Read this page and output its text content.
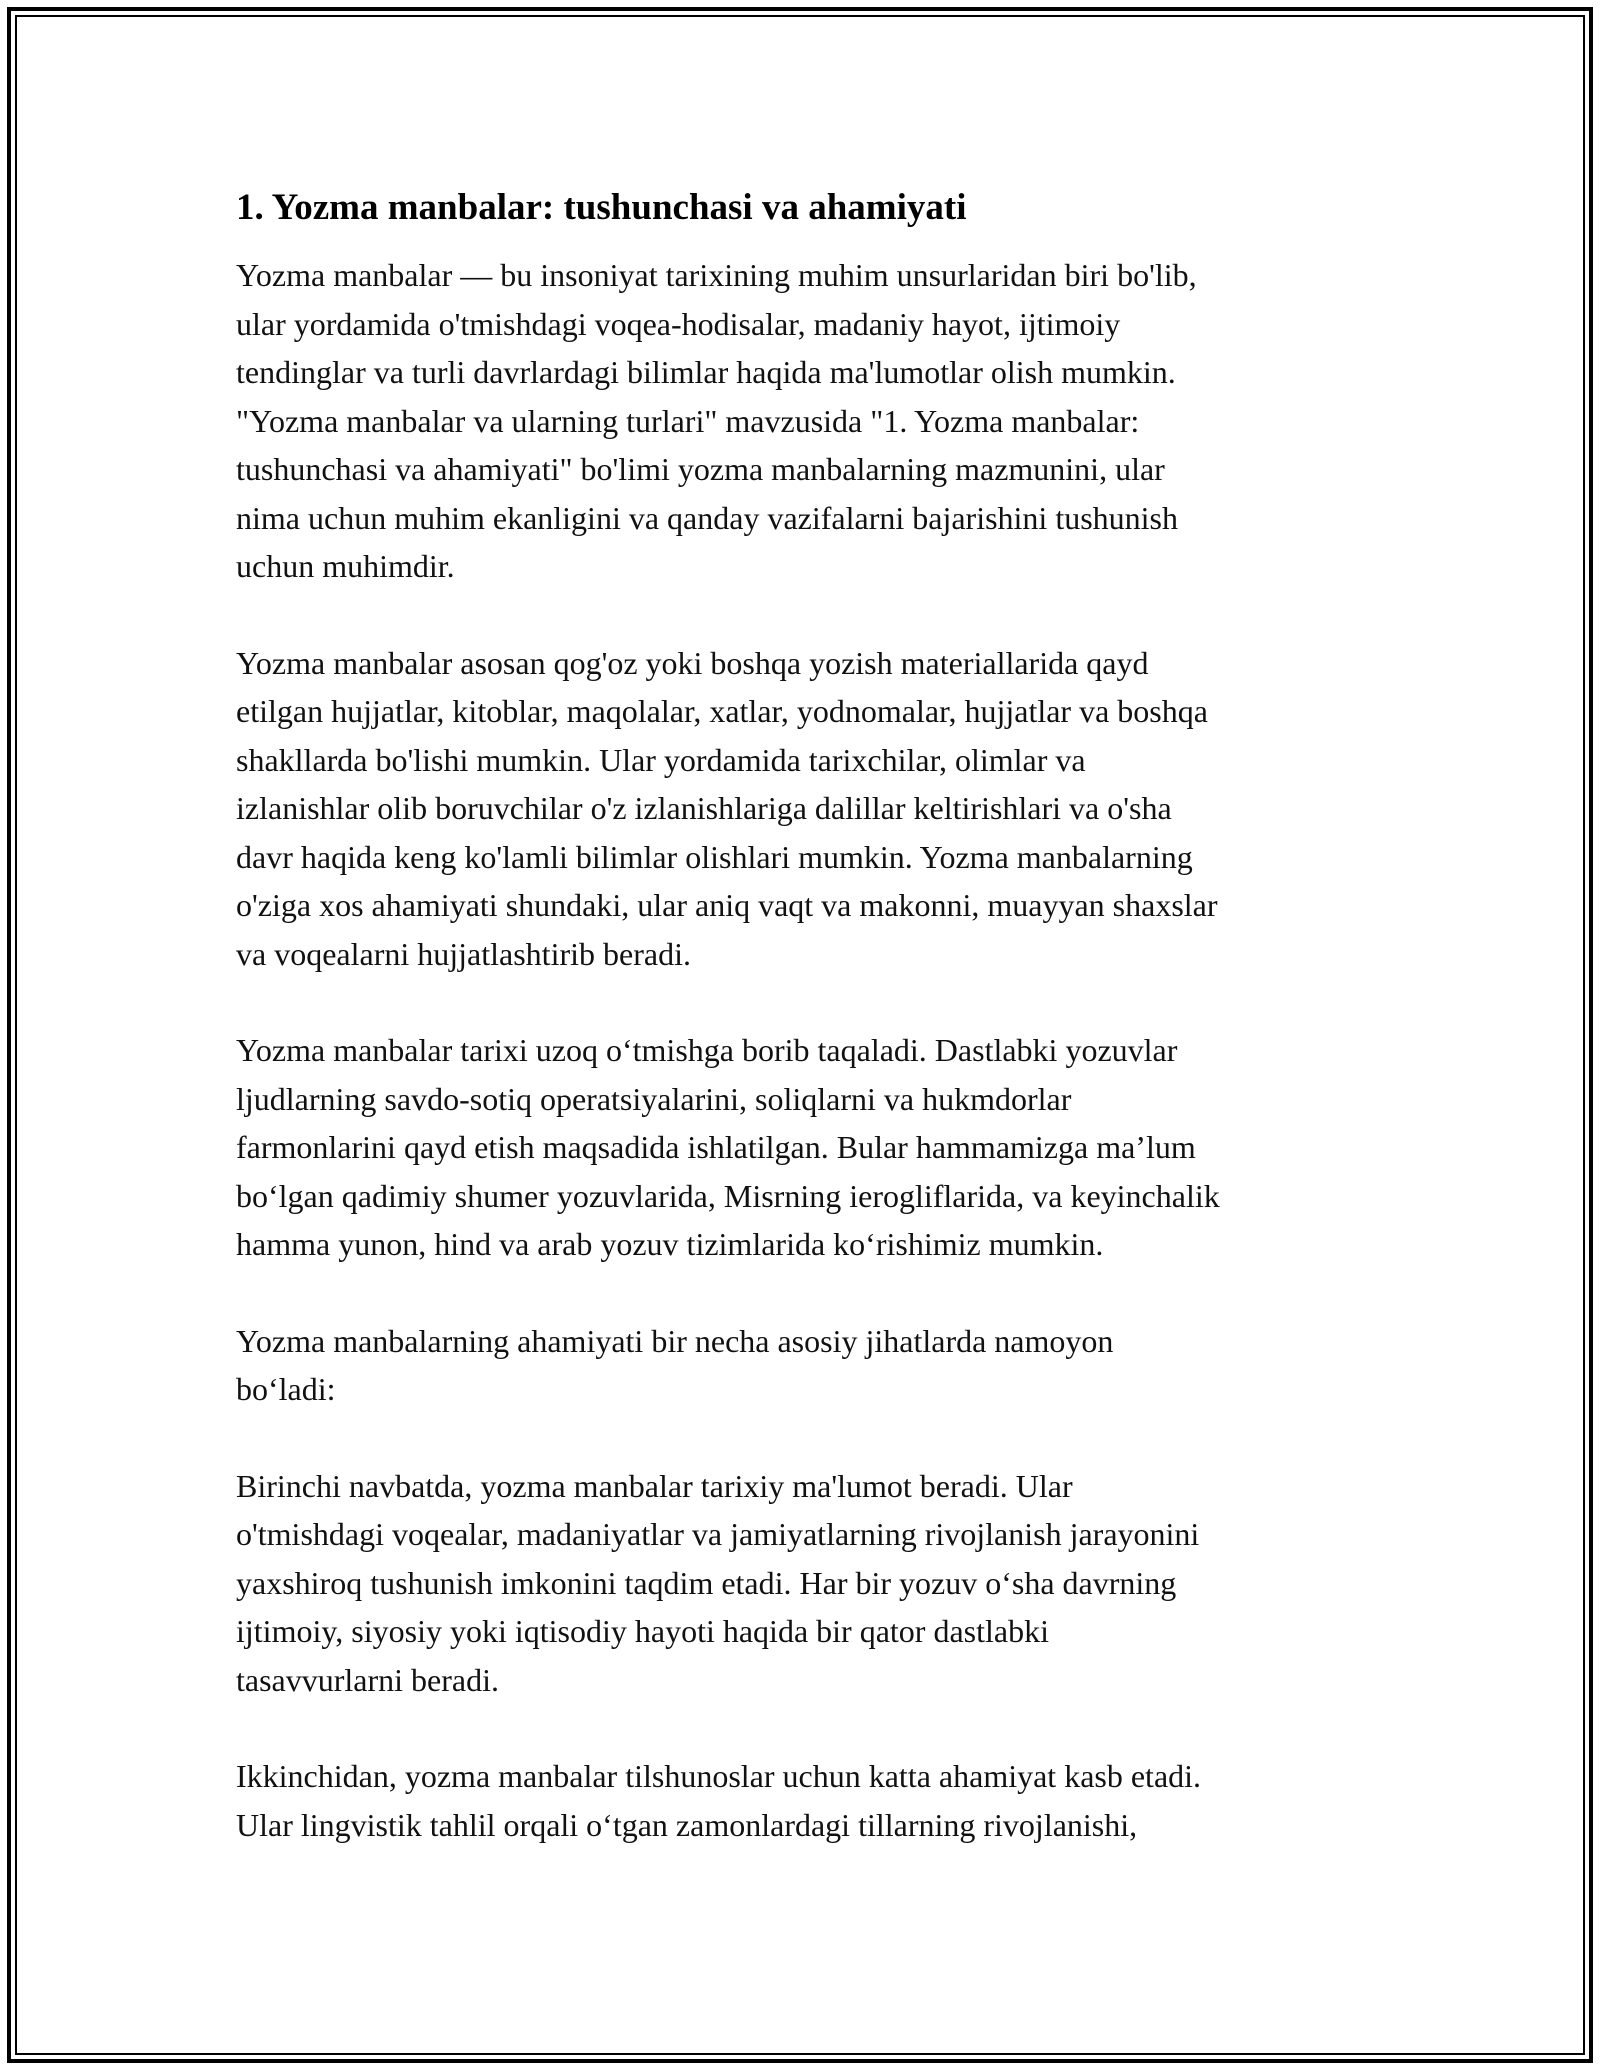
1. Yozma manbalar: tushunchasi va ahamiyati

Yozma manbalar — bu insoniyat tarixining muhim unsurlaridan biri bo'lib,
ular yordamida o'tmishdagi voqea-hodisalar, madaniy hayot, ijtimoiy
tendinglar va turli davrlardagi bilimlar haqida ma'lumotlar olish mumkin.
"Yozma manbalar va ularning turlari" mavzusida "1. Yozma manbalar:
tushunchasi va ahamiyati" bo'limi yozma manbalarning mazmunini, ular
nima uchun muhim ekanligini va qanday vazifalarni bajarishini tushunish
uchun muhimdir.

Yozma manbalar asosan qog'oz yoki boshqa yozish materiallarida qayd
etilgan hujjatlar, kitoblar, maqolalar, xatlar, yodnomalar, hujjatlar va boshqa
shakllarda bo'lishi mumkin. Ular yordamida tarixchilar, olimlar va
izlanishlar olib boruvchilar o'z izlanishlariga dalillar keltirishlari va o'sha
davr haqida keng ko'lamli bilimlar olishlari mumkin. Yozma manbalarning
o'ziga xos ahamiyati shundaki, ular aniq vaqt va makonni, muayyan shaxslar
va voqealarni hujjatlashtirib beradi.

Yozma manbalar tarixi uzoq o‘tmishga borib taqaladi. Dastlabki yozuvlar
ljudlarning savdo-sotiq operatsiyalarini, soliqlarni va hukmdorlar
farmonlarini qayd etish maqsadida ishlatilgan. Bular hammamizga ma’lum
bo‘lgan qadimiy shumer yozuvlarida, Misrning ierogliflarida, va keyinchalik
hamma yunon, hind va arab yozuv tizimlarida ko‘rishimiz mumkin.

Yozma manbalarning ahamiyati bir necha asosiy jihatlarda namoyon
bo‘ladi:

Birinchi navbatda, yozma manbalar tarixiy ma'lumot beradi. Ular
o'tmishdagi voqealar, madaniyatlar va jamiyatlarning rivojlanish jarayonini
yaxshiroq tushunish imkonini taqdim etadi. Har bir yozuv o‘sha davrning
ijtimoiy, siyosiy yoki iqtisodiy hayoti haqida bir qator dastlabki
tasavvurlarni beradi.

Ikkinchidan, yozma manbalar tilshunoslar uchun katta ahamiyat kasb etadi.
Ular lingvistik tahlil orqali o‘tgan zamonlardagi tillarning rivojlanishi,
